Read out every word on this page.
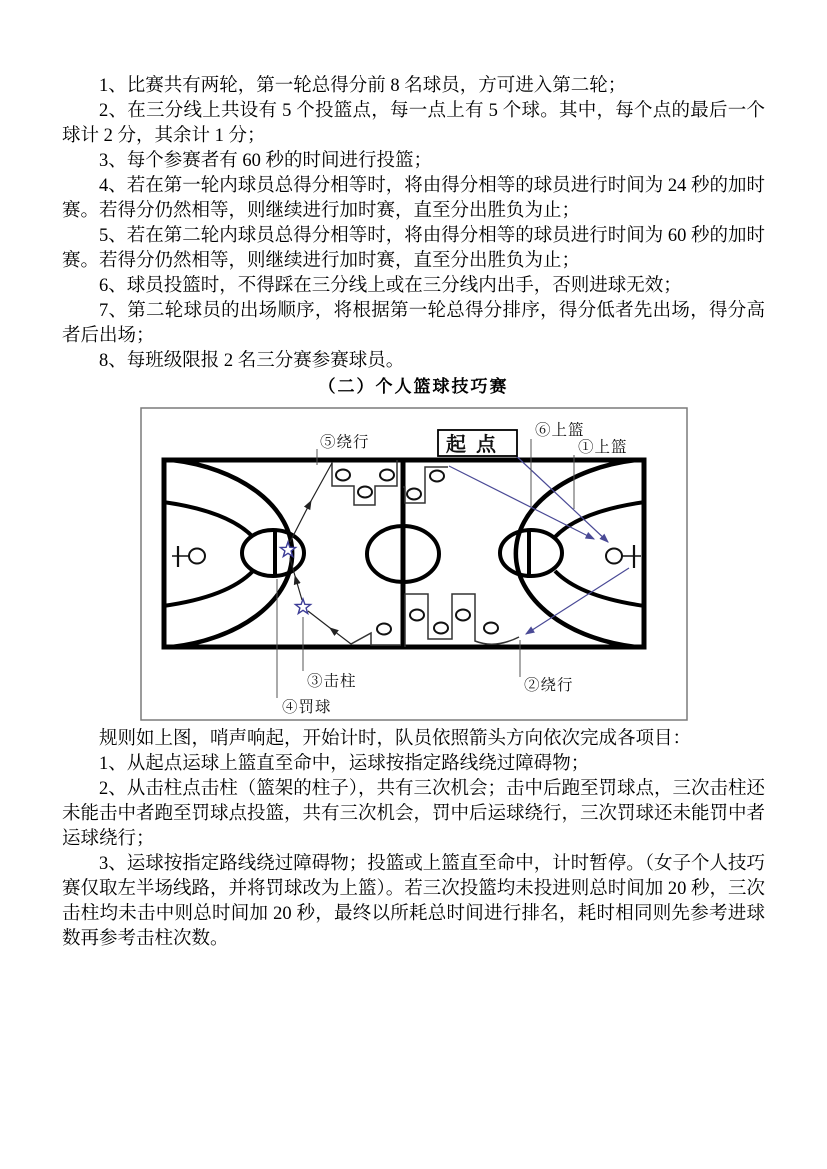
1、比赛共有两轮，第一轮总得分前 8 名球员，方可进入第二轮；

2、在三分线上共设有 5 个投篮点，每一点上有 5 个球。其中，每个点的最后一个球计 2 分，其余计 1 分；

3、每个参赛者有 60 秒的时间进行投篮；

4、若在第一轮内球员总得分相等时，将由得分相等的球员进行时间为 24 秒的加时赛。若得分仍然相等，则继续进行加时赛，直至分出胜负为止；

5、若在第二轮内球员总得分相等时，将由得分相等的球员进行时间为 60 秒的加时赛。若得分仍然相等，则继续进行加时赛，直至分出胜负为止；

6、球员投篮时，不得踩在三分线上或在三分线内出手，否则进球无效；

7、第二轮球员的出场顺序，将根据第一轮总得分排序，得分低者先出场，得分高者后出场；

8、每班级限报 2 名三分赛参赛球员。

（二）个人篮球技巧赛
起点
⑤绕行
⑥上篮
①上篮
③击柱
④罚球
②绕行

规则如上图，哨声响起，开始计时，队员依照箭头方向依次完成各项目：

1、从起点运球上篮直至命中，运球按指定路线绕过障碍物；

2、从击柱点击柱（篮架的柱子），共有三次机会；击中后跑至罚球点，三次击柱还未能击中者跑至罚球点投篮，共有三次机会，罚中后运球绕行，三次罚球还未能罚中者运球绕行；

3、运球按指定路线绕过障碍物；投篮或上篮直至命中，计时暂停。（女子个人技巧赛仅取左半场线路，并将罚球改为上篮）。若三次投篮均未投进则总时间加 20 秒，三次击柱均未击中则总时间加 20 秒，最终以所耗总时间进行排名，耗时相同则先参考进球数再参考击柱次数。
